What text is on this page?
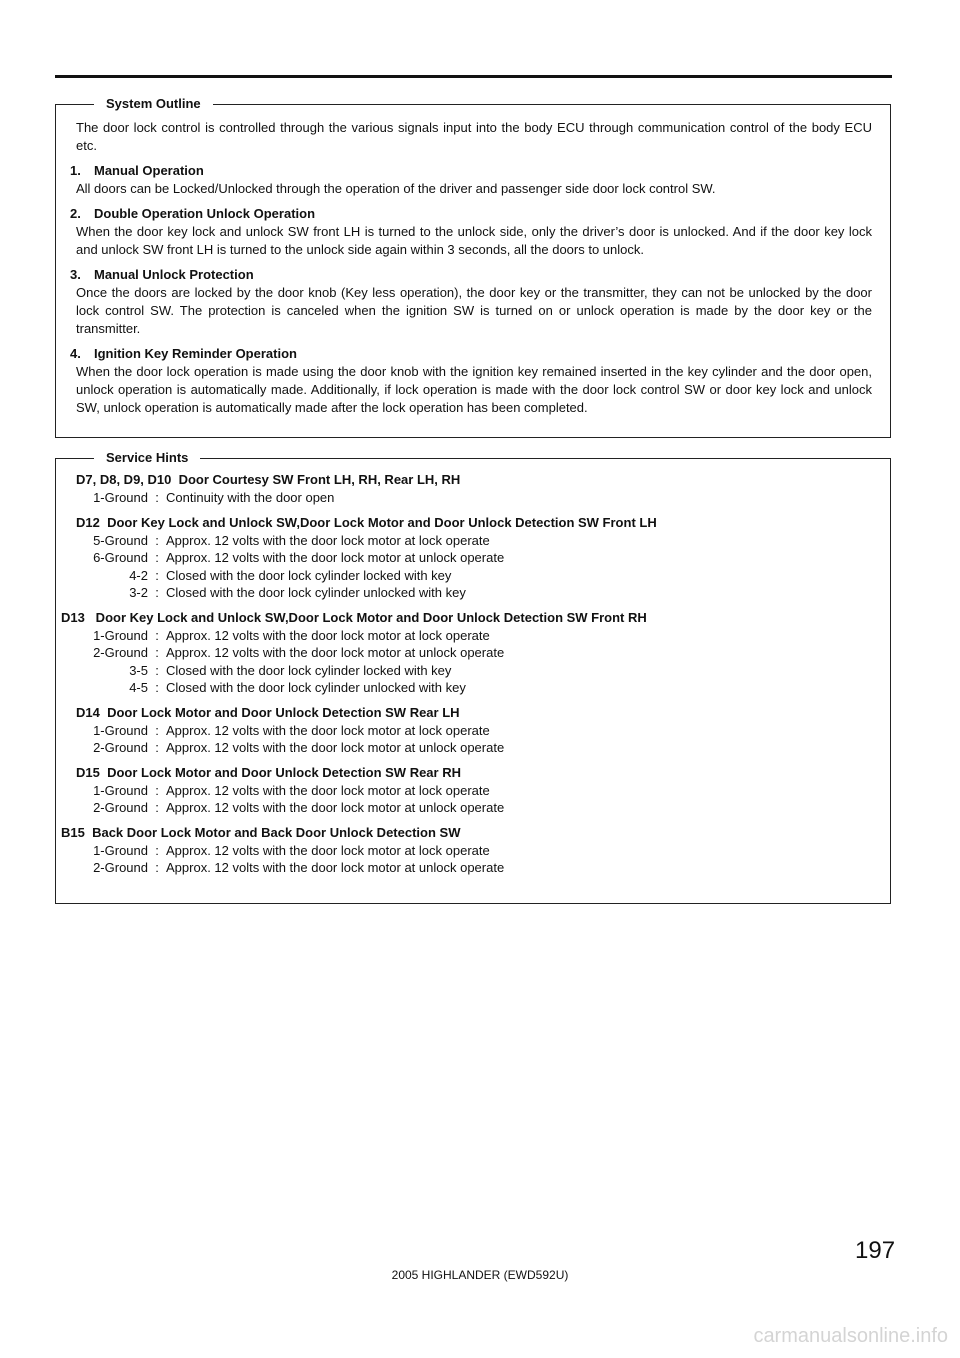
System Outline

The door lock control is controlled through the various signals input into the body ECU through communication control of the body ECU etc.

1. Manual Operation
All doors can be Locked/Unlocked through the operation of the driver and passenger side door lock control SW.
2. Double Operation Unlock Operation
When the door key lock and unlock SW front LH is turned to the unlock side, only the driver’s door is unlocked. And if the door key lock and unlock SW front LH is turned to the unlock side again within 3 seconds, all the doors to unlock.
3. Manual Unlock Protection
Once the doors are locked by the door knob (Key less operation), the door key or the transmitter, they can not be unlocked by the door lock control SW. The protection is canceled when the ignition SW is turned on or unlock operation is made by the door key or the transmitter.
4. Ignition Key Reminder Operation
When the door lock operation is made using the door knob with the ignition key remained inserted in the key cylinder and the door open, unlock operation is automatically made. Additionally, if lock operation is made with the door lock control SW or door key lock and unlock SW, unlock operation is automatically made after the lock operation has been completed.
Service Hints
D7, D8, D9, D10  Door Courtesy SW Front LH, RH, Rear LH, RH
1-Ground : Continuity with the door open
D12  Door Key Lock and Unlock SW,Door Lock Motor and Door Unlock Detection SW Front LH
5-Ground : Approx. 12 volts with the door lock motor at lock operate
6-Ground : Approx. 12 volts with the door lock motor at unlock operate
4-2 : Closed with the door lock cylinder locked with key
3-2 : Closed with the door lock cylinder unlocked with key
D13   Door Key Lock and Unlock SW,Door Lock Motor and Door Unlock Detection SW Front RH
1-Ground : Approx. 12 volts with the door lock motor at lock operate
2-Ground : Approx. 12 volts with the door lock motor at unlock operate
3-5 : Closed with the door lock cylinder locked with key
4-5 : Closed with the door lock cylinder unlocked with key
D14  Door Lock Motor and Door Unlock Detection SW Rear LH
1-Ground : Approx. 12 volts with the door lock motor at lock operate
2-Ground : Approx. 12 volts with the door lock motor at unlock operate
D15  Door Lock Motor and Door Unlock Detection SW Rear RH
1-Ground : Approx. 12 volts with the door lock motor at lock operate
2-Ground : Approx. 12 volts with the door lock motor at unlock operate
B15  Back Door Lock Motor and Back Door Unlock Detection SW
1-Ground : Approx. 12 volts with the door lock motor at lock operate
2-Ground : Approx. 12 volts with the door lock motor at unlock operate
197
2005 HIGHLANDER (EWD592U)
carmanualsonline.info
